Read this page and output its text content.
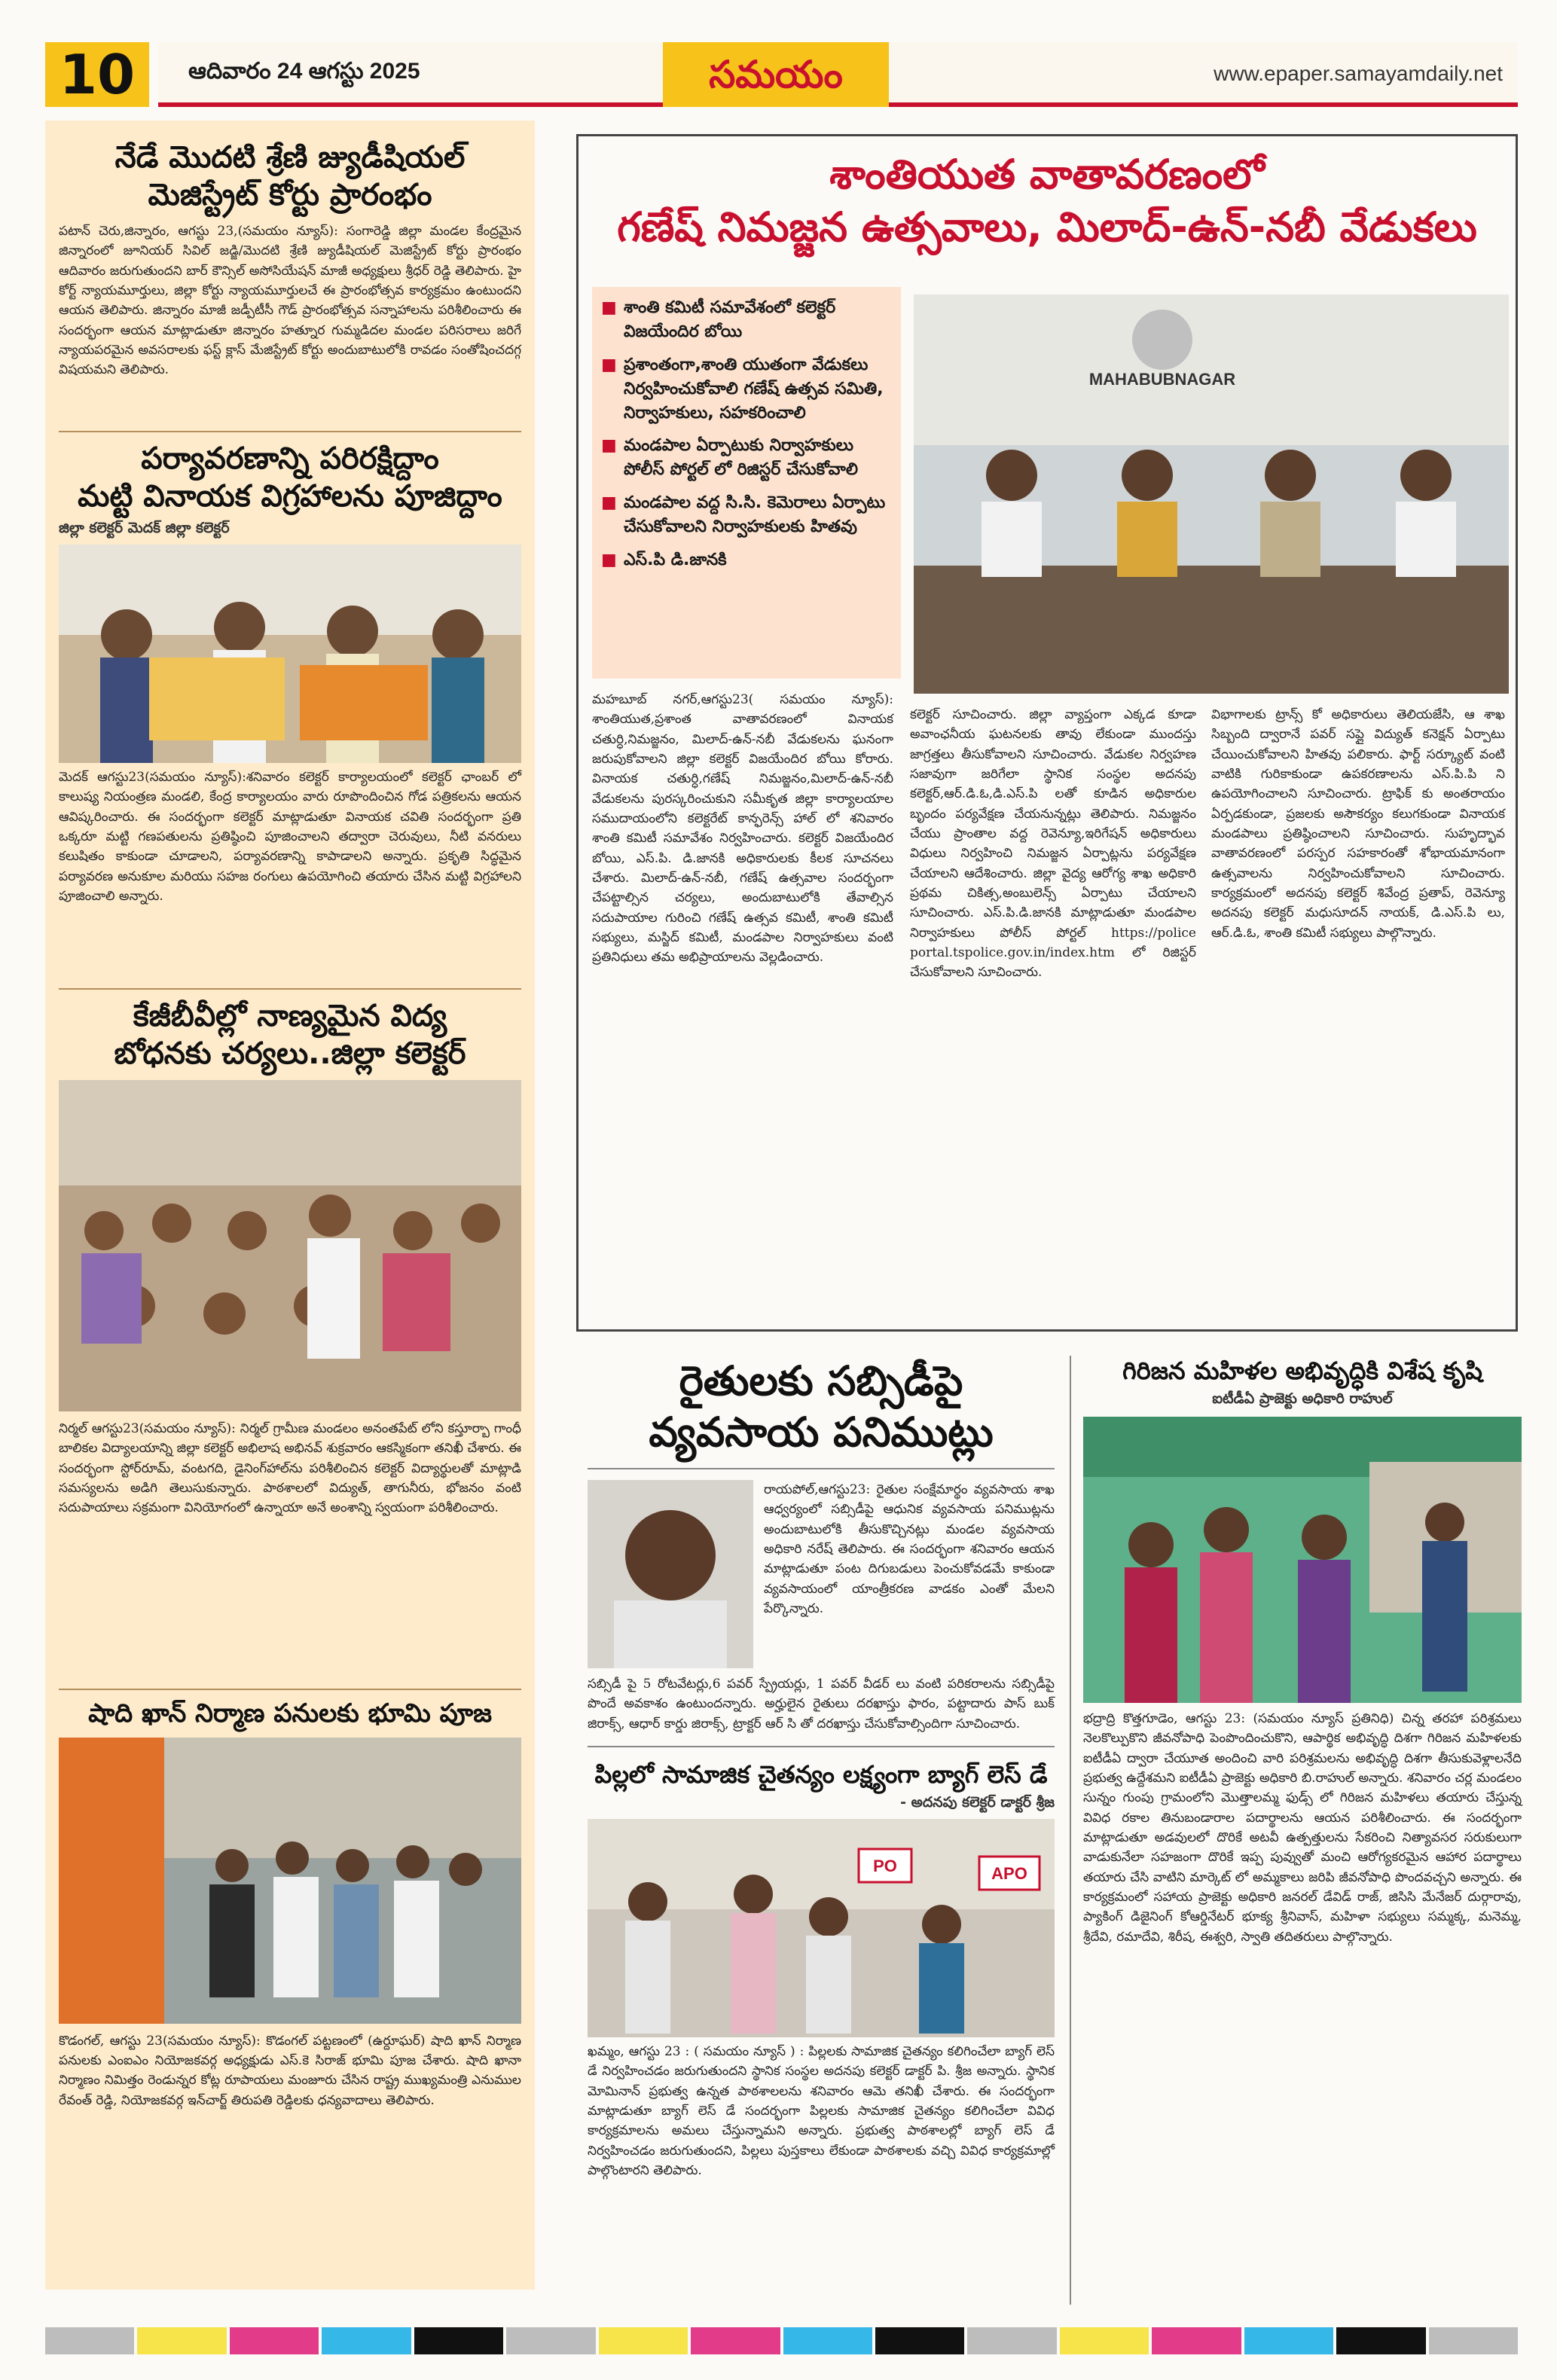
10	ఆదివారం 24 ఆగస్టు 2025	సమయం	www.epaper.samayamdaily.net
నేడే మొదటి శ్రేణి జ్యుడీషియల్
మెజిస్ట్రేట్ కోర్టు ప్రారంభం
పటాన్ చెరు,జిన్నారం, ఆగస్టు 23,(సమయం న్యూస్): సంగారెడ్డి జిల్లా మండల కేంద్రమైన జిన్నారంలో జూనియర్ సివిల్ జడ్జి/మొదటి శ్రేణి జ్యుడీషియల్ మెజిస్ట్రేట్ కోర్టు ప్రారంభం ఆదివారం జరుగుతుందని బార్ కౌన్సిల్ అసోసియేషన్ మాజీ అధ్యక్షులు శ్రీధర్ రెడ్డి తెలిపారు. హై కోర్ట్ న్యాయమూర్తులు, జిల్లా కోర్టు న్యాయమూర్తులచే ఈ ప్రారంభోత్సవ కార్యక్రమం ఉంటుందని ఆయన తెలిపారు. జిన్నారం మాజీ జడ్పీటీసీ గౌడ్ ప్రారంభోత్సవ సన్నాహాలను పరిశీలించారు ఈ సందర్భంగా ఆయన మాట్లాడుతూ జిన్నారం హత్నూర గుమ్మడిదల మండల పరిసరాలు జరిగే న్యాయపరమైన అవసరాలకు ఫస్ట్ క్లాస్ మేజిస్ట్రేట్ కోర్టు అందుబాటులోకి రావడం సంతోషించదగ్గ విషయమని తెలిపారు.
పర్యావరణాన్ని పరిరక్షిద్దాం
మట్టి వినాయక విగ్రహాలను పూజిద్దాం
జిల్లా కలెక్టర్ మెదక్ జిల్లా కలెక్టర్
మెదక్ ఆగస్టు23(సమయం న్యూస్):శనివారం కలెక్టర్ కార్యాలయంలో కలెక్టర్ ఛాంబర్ లో కాలుష్య నియంత్రణ మండలి, కేంద్ర కార్యాలయం వారు రూపొందించిన గోడ పత్రికలను ఆయన ఆవిష్కరించారు. ఈ సందర్భంగా కలెక్టర్ మాట్లాడుతూ వినాయక చవితి సందర్భంగా ప్రతి ఒక్కరూ మట్టి గణపతులను ప్రతిష్ఠించి పూజించాలని తద్వారా చెరువులు, నీటి వనరులు కలుషితం కాకుండా చూడాలని, పర్యావరణాన్ని కాపాడాలని అన్నారు. ప్రకృతి సిద్ధమైన పర్యావరణ అనుకూల మరియు సహజ రంగులు ఉపయోగించి తయారు చేసిన మట్టి విగ్రహాలని పూజించాలి అన్నారు.
కేజీబీవీల్లో నాణ్యమైన విద్య
బోధనకు చర్యలు..జిల్లా కలెక్టర్
నిర్మల్ ఆగస్టు23(సమయం న్యూస్): నిర్మల్ గ్రామీణ మండలం అనంతపేట్ లోని కస్తూర్బా గాంధీ బాలికల విద్యాలయాన్ని జిల్లా కలెక్టర్ అభిలాష అభినవ్ శుక్రవారం ఆకస్మికంగా తనిఖీ చేశారు. ఈ సందర్భంగా స్టోర్‌రూమ్, వంటగది, డైనింగ్‌హాల్‌ను పరిశీలించిన కలెక్టర్ విద్యార్థులతో మాట్లాడి సమస్యలను అడిగి తెలుసుకున్నారు. పాఠశాలలో విద్యుత్, తాగునీరు, భోజనం వంటి సదుపాయాలు సక్రమంగా వినియోగంలో ఉన్నాయా అనే అంశాన్ని స్వయంగా పరిశీలించారు.
షాది ఖాన్ నిర్మాణ పనులకు భూమి పూజ
కొడంగల్, ఆగస్టు 23(సమయం న్యూస్): కొడంగల్ పట్టణంలో (ఉర్దూఘర్) షాది ఖాన్ నిర్మాణ పనులకు ఎంఐఎం నియోజకవర్గ అధ్యక్షుడు ఎస్.కె సిరాజ్ భూమి పూజ చేశారు. షాది ఖానా నిర్మాణం నిమిత్తం రెండున్నర కోట్ల రూపాయలు మంజూరు చేసిన రాష్ట్ర ముఖ్యమంత్రి ఎనుముల రేవంత్ రెడ్డి, నియోజకవర్గ ఇన్‌చార్జ్ తిరుపతి రెడ్డిలకు ధన్యవాదాలు తెలిపారు.
శాంతియుత వాతావరణంలో
గణేష్ నిమజ్జన ఉత్సవాలు, మిలాద్-ఉన్-నబీ వేడుకలు
■ శాంతి కమిటీ సమావేశంలో కలెక్టర్ విజయేందిర బోయి
■ ప్రశాంతంగా,శాంతి యుతంగా వేడుకలు నిర్వహించుకోవాలి గణేష్ ఉత్సవ సమితి, నిర్వాహకులు, సహకరించాలి
■ మండపాల ఏర్పాటుకు నిర్వాహకులు పోలీస్ పోర్టల్ లో రిజిస్టర్ చేసుకోవాలి
■ మండపాల వద్ద సి.సి. కెమెరాలు ఏర్పాటు చేసుకోవాలని నిర్వాహకులకు హితవు
■ ఎస్.పి డి.జానకి
MAHABUBNAGAR
మహబూబ్ నగర్,ఆగస్టు23( సమయం న్యూస్): శాంతియుత,ప్రశాంత వాతావరణంలో వినాయక చతుర్ధి,నిమజ్జనం, మిలాద్-ఉన్-నబీ వేడుకలను ఘనంగా జరుపుకోవాలని జిల్లా కలెక్టర్ విజయేందిర బోయి కోరారు. వినాయక చతుర్ధి,గణేష్ నిమజ్జనం,మిలాద్-ఉన్-నబీ వేడుకలను పురస్కరించుకుని సమీకృత జిల్లా కార్యాలయాల సముదాయంలోని కలెక్టరేట్ కాన్ఫరెన్స్ హాల్ లో శనివారం శాంతి కమిటీ సమావేశం నిర్వహించారు. కలెక్టర్ విజయేందిర బోయి, ఎస్.పి. డి.జానకి అధికారులకు కీలక సూచనలు చేశారు. మిలాద్-ఉన్-నబీ, గణేష్ ఉత్సవాల సందర్భంగా చేపట్టాల్సిన చర్యలు, అందుబాటులోకి తేవాల్సిన సదుపాయాల గురించి గణేష్ ఉత్సవ కమిటీ, శాంతి కమిటీ సభ్యులు, మస్జిద్ కమిటీ, మండపాల నిర్వాహకులు వంటి ప్రతినిధులు తమ అభిప్రాయాలను వెల్లడించారు.
కలెక్టర్ సూచించారు. జిల్లా వ్యాప్తంగా ఎక్కడ కూడా అవాంఛనీయ ఘటనలకు తావు లేకుండా ముందస్తు జాగ్రత్తలు తీసుకోవాలని సూచించారు. వేడుకల నిర్వహణ సజావుగా జరిగేలా స్థానిక సంస్థల అదనపు కలెక్టర్,ఆర్.డి.ఓ,డి.ఎస్.పి లతో కూడిన అధికారుల బృందం పర్యవేక్షణ చేయనున్నట్లు తెలిపారు. నిమజ్జనం చేయు ప్రాంతాల వద్ద రెవెన్యూ,ఇరిగేషన్ అధికారులు విధులు నిర్వహించి నిమజ్జన ఏర్పాట్లను పర్యవేక్షణ చేయాలని ఆదేశించారు. జిల్లా వైద్య ఆరోగ్య శాఖ అధికారి ప్రథమ చికిత్స,అంబులెన్స్ ఏర్పాటు చేయాలని సూచించారు. ఎస్.పి.డి.జానకి మాట్లాడుతూ మండపాల నిర్వాహకులు పోలీస్ పోర్టల్ https://police portal.tspolice.gov.in/index.htm లో రిజిస్టర్ చేసుకోవాలని సూచించారు.
విభాగాలకు ట్రాన్స్ కో అధికారులు తెలియజేసి, ఆ శాఖ సిబ్బంది ద్వారానే పవర్ సప్లై విద్యుత్ కనెక్షన్ ఏర్పాటు చేయించుకోవాలని హితవు పలికారు. ఫార్ట్ సర్క్యూట్ వంటి వాటికి గురికాకుండా ఉపకరణాలను ఎస్.పి.పి ని ఉపయోగించాలని సూచించారు. ట్రాఫిక్ కు అంతరాయం ఏర్పడకుండా, ప్రజలకు అసౌకర్యం కలుగకుండా వినాయక మండపాలు ప్రతిష్ఠించాలని సూచించారు. సుహృద్భావ వాతావరణంలో పరస్పర సహకారంతో శోభాయమానంగా ఉత్సవాలను నిర్వహించుకోవాలని సూచించారు. కార్యక్రమంలో అదనపు కలెక్టర్ శివేంద్ర ప్రతాప్, రెవెన్యూ అదనపు కలెక్టర్ మధుసూదన్ నాయక్, డి.ఎస్.పి లు, ఆర్.డి.ఓ, శాంతి కమిటీ సభ్యులు పాల్గొన్నారు.
రైతులకు సబ్సిడీపై
వ్యవసాయ పనిముట్లు
రాయపోల్,ఆగస్టు23: రైతుల సంక్షేమార్థం వ్యవసాయ శాఖ ఆధ్వర్యంలో సబ్సిడీపై ఆధునిక వ్యవసాయ పనిముట్లను అందుబాటులోకి తీసుకొచ్చినట్లు మండల వ్యవసాయ అధికారి నరేష్ తెలిపారు. ఈ సందర్భంగా శనివారం ఆయన మాట్లాడుతూ పంట దిగుబడులు పెంచుకోవడమే కాకుండా వ్యవసాయంలో యాంత్రీకరణ వాడకం ఎంతో మేలని పేర్కొన్నారు.
సబ్సిడీ పై 5 రోటవేటర్లు,6 పవర్ స్ప్రేయర్లు, 1 పవర్ వీడర్ లు వంటి పరికరాలను సబ్సిడీపై పొందే అవకాశం ఉంటుందన్నారు. అర్హులైన రైతులు దరఖాస్తు ఫారం, పట్టాదారు పాస్ బుక్ జిరాక్స్, ఆధార్ కార్డు జిరాక్స్, ట్రాక్టర్ ఆర్ సి తో దరఖాస్తు చేసుకోవాల్సిందిగా సూచించారు.
పిల్లలో సామాజిక చైతన్యం లక్ష్యంగా బ్యాగ్ లెస్ డే
- అదనపు కలెక్టర్ డాక్టర్ శ్రీజ
PO	APO
ఖమ్మం, ఆగస్టు 23 : ( సమయం న్యూస్ ) : పిల్లలకు సామాజిక చైతన్యం కలిగించేలా బ్యాగ్ లెస్ డే నిర్వహించడం జరుగుతుందని స్థానిక సంస్థల అదనపు కలెక్టర్ డాక్టర్ పి. శ్రీజ అన్నారు. స్థానిక మోమినాన్ ప్రభుత్వ ఉన్నత పాఠశాలలను శనివారం ఆమె తనిఖీ చేశారు. ఈ సందర్భంగా మాట్లాడుతూ బ్యాగ్ లెస్ డే సందర్భంగా పిల్లలకు సామాజిక చైతన్యం కలిగించేలా వివిధ కార్యక్రమాలను అమలు చేస్తున్నామని అన్నారు. ప్రభుత్వ పాఠశాలల్లో బ్యాగ్ లెస్ డే నిర్వహించడం జరుగుతుందని, పిల్లలు పుస్తకాలు లేకుండా పాఠశాలకు వచ్చి వివిధ కార్యక్రమాల్లో పాల్గొంటారని తెలిపారు.
గిరిజన మహిళల అభివృద్ధికి విశేష కృషి
ఐటీడీఏ ప్రాజెక్టు అధికారి రాహుల్
భద్రాద్రి కొత్తగూడెం, ఆగస్టు 23: (సమయం న్యూస్ ప్రతినిధి) చిన్న తరహా పరిశ్రమలు నెలకొల్పుకొని జీవనోపాధి పెంపొందించుకొని, ఆపార్థిక అభివృద్ధి దిశగా గిరిజన మహిళలకు ఐటీడీఏ ద్వారా చేయూత అందించి వారి పరిశ్రమలను అభివృద్ధి దిశగా తీసుకువెళ్లాలనేది ప్రభుత్వ ఉద్దేశమని ఐటీడీఏ ప్రాజెక్టు అధికారి బి.రాహుల్ అన్నారు. శనివారం చర్ల మండలం సున్నం గుంపు గ్రామంలోని మొత్తాలమ్మ ఫుడ్స్ లో గిరిజన మహిళలు తయారు చేస్తున్న వివిధ రకాల తినుబండారాల పదార్థాలను ఆయన పరిశీలించారు. ఈ సందర్భంగా మాట్లాడుతూ అడవులలో దొరికే అటవీ ఉత్పత్తులను సేకరించి నిత్యావసర సరుకులుగా వాడుకునేలా సహజంగా దొరికే ఇప్ప పువ్వుతో మంచి ఆరోగ్యకరమైన ఆహార పదార్థాలు తయారు చేసి వాటిని మార్కెట్ లో అమ్మకాలు జరిపి జీవనోపాధి పొందవచ్చని అన్నారు. ఈ కార్యక్రమంలో సహాయ ప్రాజెక్టు అధికారి జనరల్ డేవిడ్ రాజ్, జిసిసి మేనేజర్ దుర్గారావు, ప్యాకింగ్ డిజైనింగ్ కోఆర్డినేటర్ భూక్య శ్రీనివాస్, మహిళా సభ్యులు సమ్మక్క, మనెమ్మ, శ్రీదేవి, రమాదేవి, శిరీష, ఈశ్వరి, స్వాతి తదితరులు పాల్గొన్నారు.
